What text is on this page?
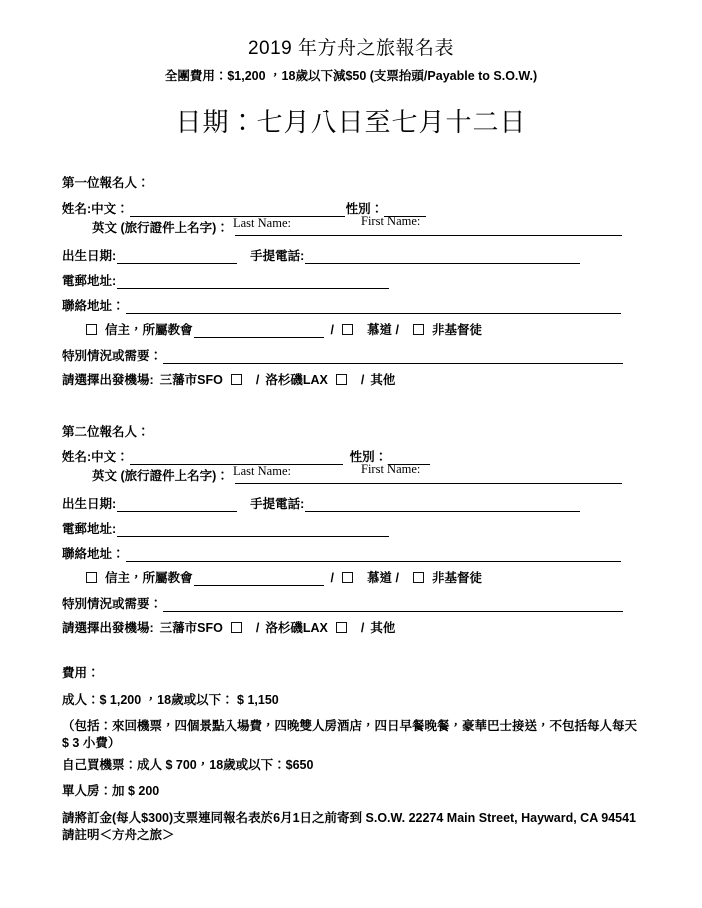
2019 年方舟之旅報名表
全團費用：$1,200 ，18歲以下減$50 (支票抬頭/Payable to S.O.W.)
日期：七月八日至七月十二日
第一位報名人：
姓名:中文：	性別：
英文 (旅行證件上名字)： Last Name:	First Name:
出生日期:	手提電話:
電郵地址:
聯絡地址：
信主，所屬教會	/	慕道 /	非基督徒
特別情況或需要：
請選擇出發機場: 三藩市SFO	/ 洛杉磯LAX	/ 其他
第二位報名人：
姓名:中文：	性別：
英文 (旅行證件上名字)： Last Name:	First Name:
出生日期:	手提電話:
電郵地址:
聯絡地址：
信主，所屬教會	/	慕道 /	非基督徒
特別情況或需要：
請選擇出發機場: 三藩市SFO	/ 洛杉磯LAX	/ 其他
費用：
成人：$ 1,200 ，18歲或以下： $ 1,150
（包括：來回機票，四個景點入場費，四晚雙人房酒店，四日早餐晚餐，豪華巴士接送，不包括每人每天 $ 3 小費）
自己買機票：成人 $ 700，18歲或以下：$650
單人房：加 $ 200
請將訂金(每人$300)支票連同報名表於6月1日之前寄到 S.O.W. 22274 Main Street, Hayward, CA 94541
請註明＜方舟之旅＞
